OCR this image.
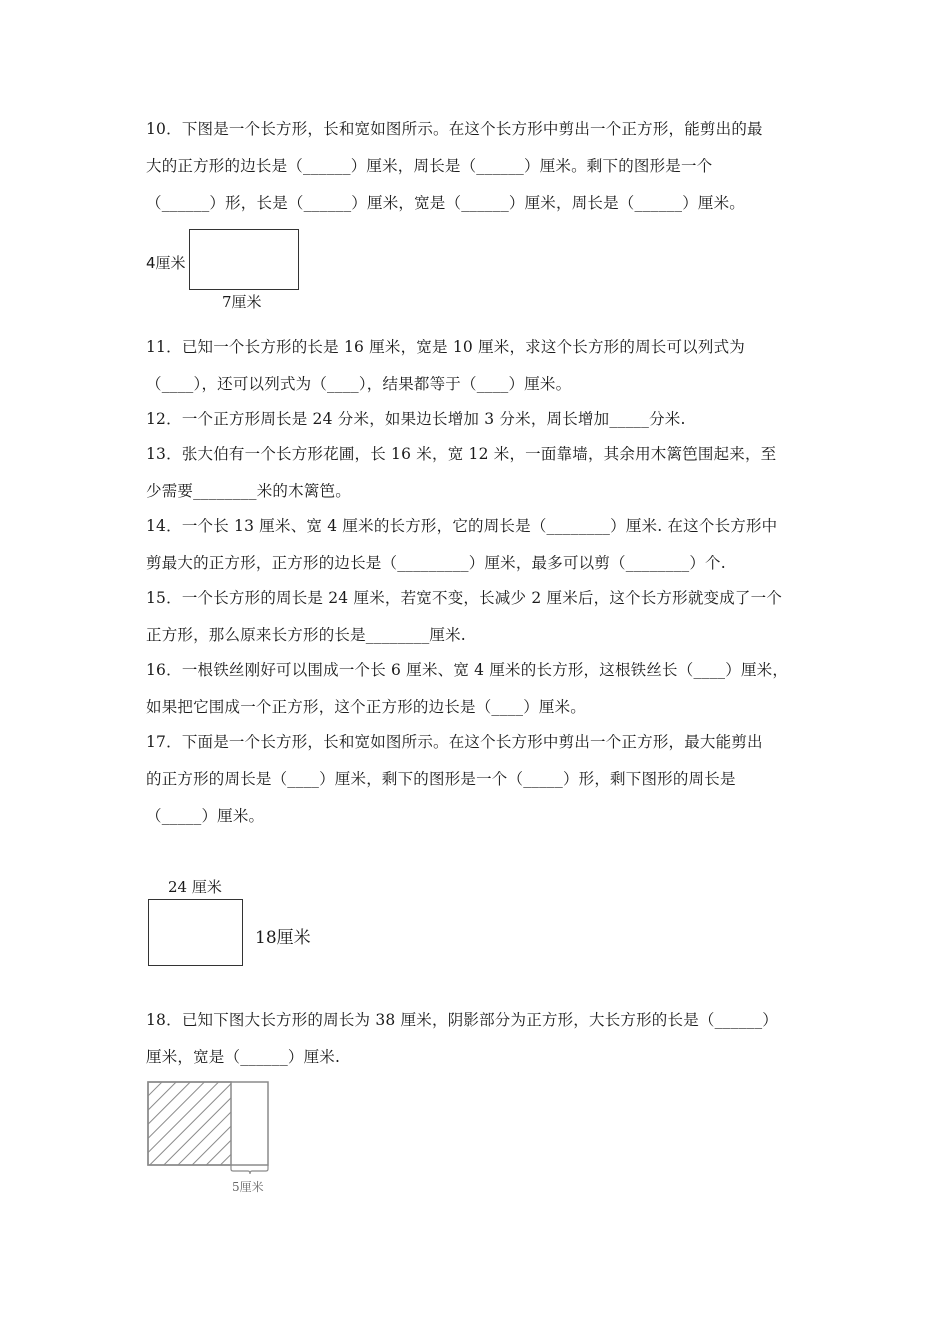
10．下图是一个长方形，长和宽如图所示。在这个长方形中剪出一个正方形，能剪出的最
大的正方形的边长是（______）厘米，周长是（______）厘米。剩下的图形是一个
（______）形，长是（______）厘米，宽是（______）厘米，周长是（______）厘米。
4厘米
7厘米
11．已知一个长方形的长是 16 厘米，宽是 10 厘米，求这个长方形的周长可以列式为
（____），还可以列式为（____），结果都等于（____）厘米。
12．一个正方形周长是 24 分米，如果边长增加 3 分米，周长增加_____分米.
13．张大伯有一个长方形花圃，长 16 米，宽 12 米，一面靠墙，其余用木篱笆围起来，至
少需要________米的木篱笆。
14．一个长 13 厘米、宽 4 厘米的长方形，它的周长是（________）厘米. 在这个长方形中
剪最大的正方形，正方形的边长是（_________）厘米，最多可以剪（________）个.
15．一个长方形的周长是 24 厘米，若宽不变，长减少 2 厘米后，这个长方形就变成了一个
正方形，那么原来长方形的长是________厘米.
16．一根铁丝刚好可以围成一个长 6 厘米、宽 4 厘米的长方形，这根铁丝长（____）厘米，
如果把它围成一个正方形，这个正方形的边长是（____）厘米。
17．下面是一个长方形，长和宽如图所示。在这个长方形中剪出一个正方形，最大能剪出
的正方形的周长是（____）厘米，剩下的图形是一个（_____）形，剩下图形的周长是
（_____）厘米。
24 厘米
18厘米
18．已知下图大长方形的周长为 38 厘米，阴影部分为正方形，大长方形的长是（______）
厘米，宽是（______）厘米.
5厘米
